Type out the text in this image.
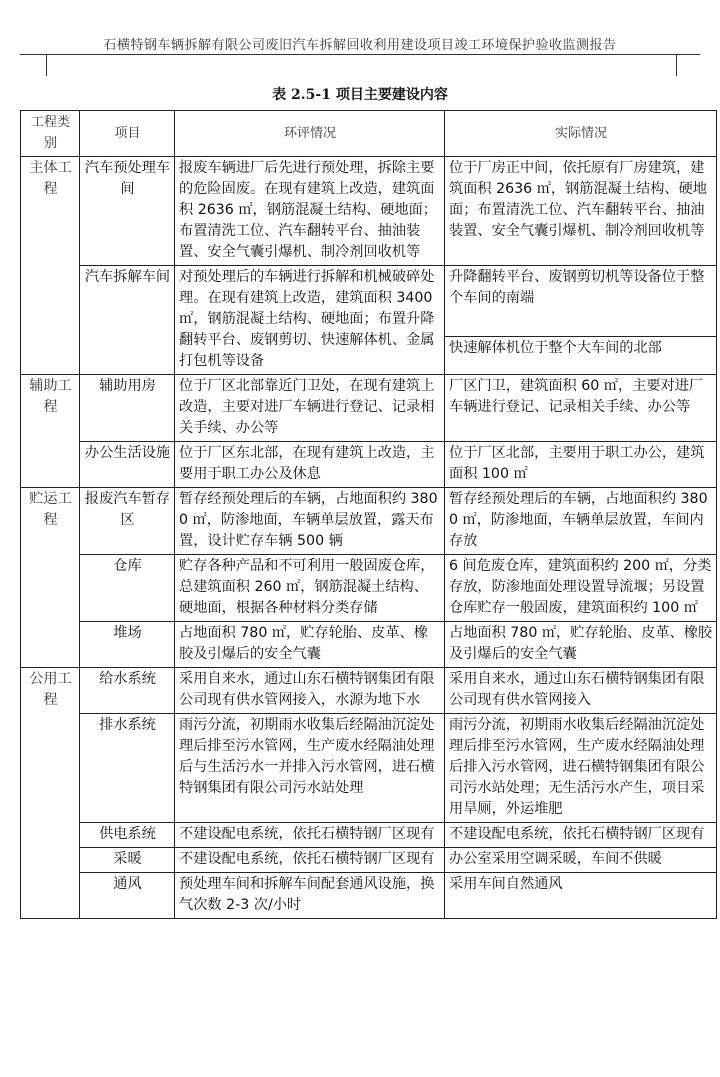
石横特钢车辆拆解有限公司废旧汽车拆解回收利用建设项目竣工环境保护验收监测报告
表 2.5-1 项目主要建设内容
工程类别	项目	环评情况	实际情况
主体工程	汽车预处理车间	报废车辆进厂后先进行预处理，拆除主要的危险固废。在现有建筑上改造，建筑面积 2636 ㎡，钢筋混凝土结构、硬地面；布置清洗工位、汽车翻转平台、抽油装置、安全气囊引爆机、制冷剂回收机等	位于厂房正中间，依托原有厂房建筑，建筑面积 2636 ㎡，钢筋混凝土结构、硬地面；布置清洗工位、汽车翻转平台、抽油装置、安全气囊引爆机、制冷剂回收机等
	汽车拆解车间	对预处理后的车辆进行拆解和机械破碎处理。在现有建筑上改造，建筑面积 3400 ㎡，钢筋混凝土结构、硬地面；布置升降翻转平台、废钢剪切、快速解体机、金属打包机等设备	升降翻转平台、废钢剪切机等设备位于整个车间的南端
			快速解体机位于整个大车间的北部
辅助工程	辅助用房	位于厂区北部靠近门卫处，在现有建筑上改造，主要对进厂车辆进行登记、记录相关手续、办公等	厂区门卫，建筑面积 60 ㎡，主要对进厂车辆进行登记、记录相关手续、办公等
	办公生活设施	位于厂区东北部，在现有建筑上改造，主要用于职工办公及休息	位于厂区北部，主要用于职工办公，建筑面积 100 ㎡
贮运工程	报废汽车暂存区	暂存经预处理后的车辆，占地面积约 3800 ㎡，防渗地面，车辆单层放置，露天布置，设计贮存车辆 500 辆	暂存经预处理后的车辆，占地面积约 3800 ㎡，防渗地面，车辆单层放置，车间内存放
	仓库	贮存各种产品和不可利用一般固废仓库，总建筑面积 260 ㎡，钢筋混凝土结构、硬地面，根据各种材料分类存储	6 间危废仓库，建筑面积约 200 ㎡，分类存放，防渗地面处理设置导流堰；另设置仓库贮存一般固废，建筑面积约 100 ㎡
	堆场	占地面积 780 ㎡，贮存轮胎、皮革、橡胶及引爆后的安全气囊	占地面积 780 ㎡，贮存轮胎、皮革、橡胶及引爆后的安全气囊
公用工程	给水系统	采用自来水，通过山东石横特钢集团有限公司现有供水管网接入，水源为地下水	采用自来水，通过山东石横特钢集团有限公司现有供水管网接入
	排水系统	雨污分流，初期雨水收集后经隔油沉淀处理后排至污水管网，生产废水经隔油处理后与生活污水一并排入污水管网，进石横特钢集团有限公司污水站处理	雨污分流，初期雨水收集后经隔油沉淀处理后排至污水管网，生产废水经隔油处理后排入污水管网，进石横特钢集团有限公司污水站处理；无生活污水产生，项目采用旱厕，外运堆肥
	供电系统	不建设配电系统，依托石横特钢厂区现有	不建设配电系统，依托石横特钢厂区现有
	采暖	不建设配电系统，依托石横特钢厂区现有	办公室采用空调采暖，车间不供暖
	通风	预处理车间和拆解车间配套通风设施，换气次数 2-3 次/小时	采用车间自然通风
